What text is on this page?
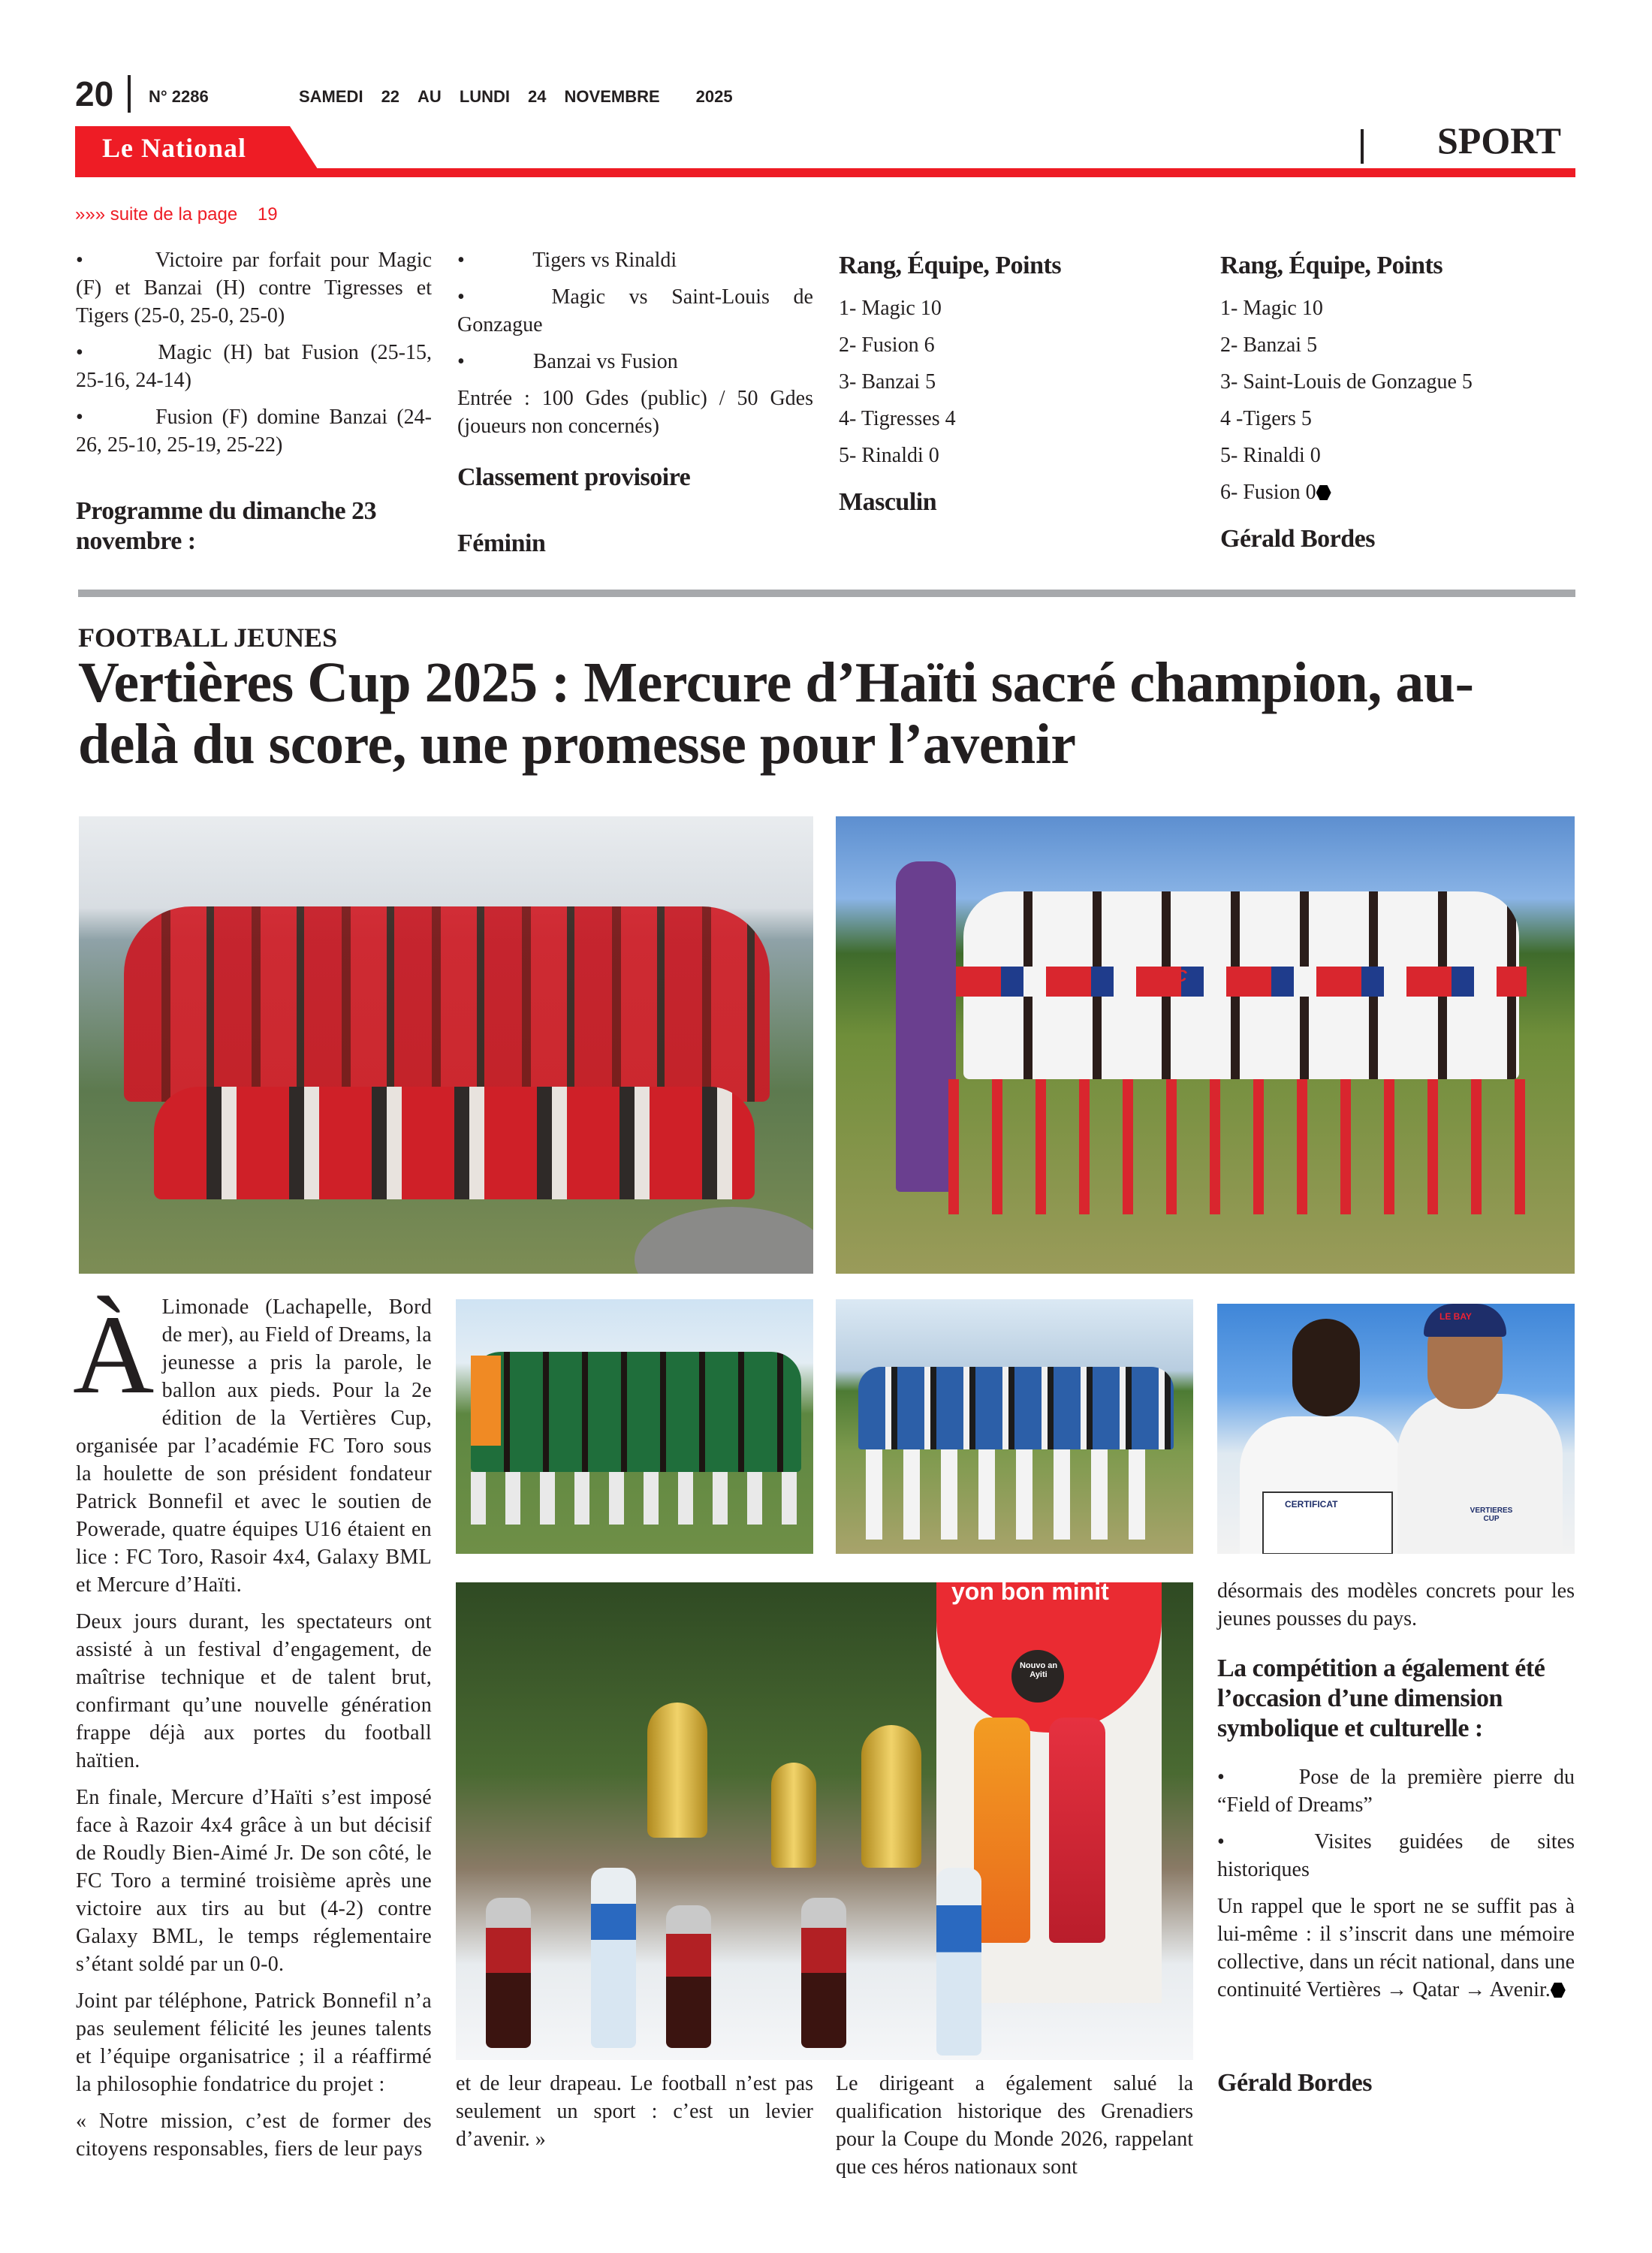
20 N° 2286	SAMEDI 22 AU LUNDI 24 NOVEMBRE 2025
Le National	SPORT
»»» suite de la page 19
•    Victoire par forfait pour Magic (F) et Banzai (H) contre Tigresses et Tigers (25-0, 25-0, 25-0)
•    Magic (H) bat Fusion (25-15, 25-16, 24-14)
•    Fusion (F) domine Banzai (24-26, 25-10, 25-19, 25-22)
Programme du dimanche 23 novembre :
•    Tigers vs Rinaldi
•    Magic vs Saint-Louis de Gonzague
•    Banzai vs Fusion

Entrée : 100 Gdes (public) / 50 Gdes (joueurs non concernés)

Classement provisoire
Féminin
Rang, Équipe, Points
1- Magic 10
2- Fusion 6
3- Banzai 5
4- Tigresses 4
5- Rinaldi 0
Masculin
Rang, Équipe, Points
1- Magic 10
2- Banzai 5
3- Saint-Louis de Gonzague 5
4 -Tigers 5
5- Rinaldi 0
6- Fusion 0
Gérald Bordes
FOOTBALL JEUNES
Vertières Cup 2025 : Mercure d’Haïti sacré champion, au-delà du score, une promesse pour l’avenir
DNC
LE BAY
CERTIFICAT
VERTIERES CUP
yon bon minit
Nouvo an Ayiti
À Limonade (Lachapelle, Bord de mer), au Field of Dreams, la jeunesse a pris la parole, le ballon aux pieds. Pour la 2e édition de la Vertières Cup, organisée par l’académie FC Toro sous la houlette de son président fondateur Patrick Bonnefil et avec le soutien de Powerade, quatre équipes U16 étaient en lice : FC Toro, Rasoir 4x4, Galaxy BML et Mercure d’Haïti.

Deux jours durant, les spectateurs ont assisté à un festival d’engagement, de maîtrise technique et de talent brut, confirmant qu’une nouvelle génération frappe déjà aux portes du football haïtien.

En finale, Mercure d’Haïti s’est imposé face à Razoir 4x4 grâce à un but décisif de Roudly Bien-Aimé Jr. De son côté, le FC Toro a terminé troisième après une victoire aux tirs au but (4-2) contre Galaxy BML, le temps réglementaire s’étant soldé par un 0-0.

Joint par téléphone, Patrick Bonnefil n’a pas seulement félicité les jeunes talents et l’équipe organisatrice ; il a réaffirmé la philosophie fondatrice du projet :

« Notre mission, c’est de former des citoyens responsables, fiers de leur pays

et de leur drapeau. Le football n’est pas seulement un sport : c’est un levier d’avenir. »

Le dirigeant a également salué la qualification historique des Grenadiers pour la Coupe du Monde 2026, rappelant que ces héros nationaux sont

désormais des modèles concrets pour les jeunes pousses du pays.

La compétition a également été l’occasion d’une dimension symbolique et culturelle :
•    Pose de la première pierre du “Field of Dreams”
•    Visites guidées de sites historiques

Un rappel que le sport ne se suffit pas à lui-même : il s’inscrit dans une mémoire collective, dans un récit national, dans une continuité Vertières → Qatar → Avenir.

Gérald Bordes
